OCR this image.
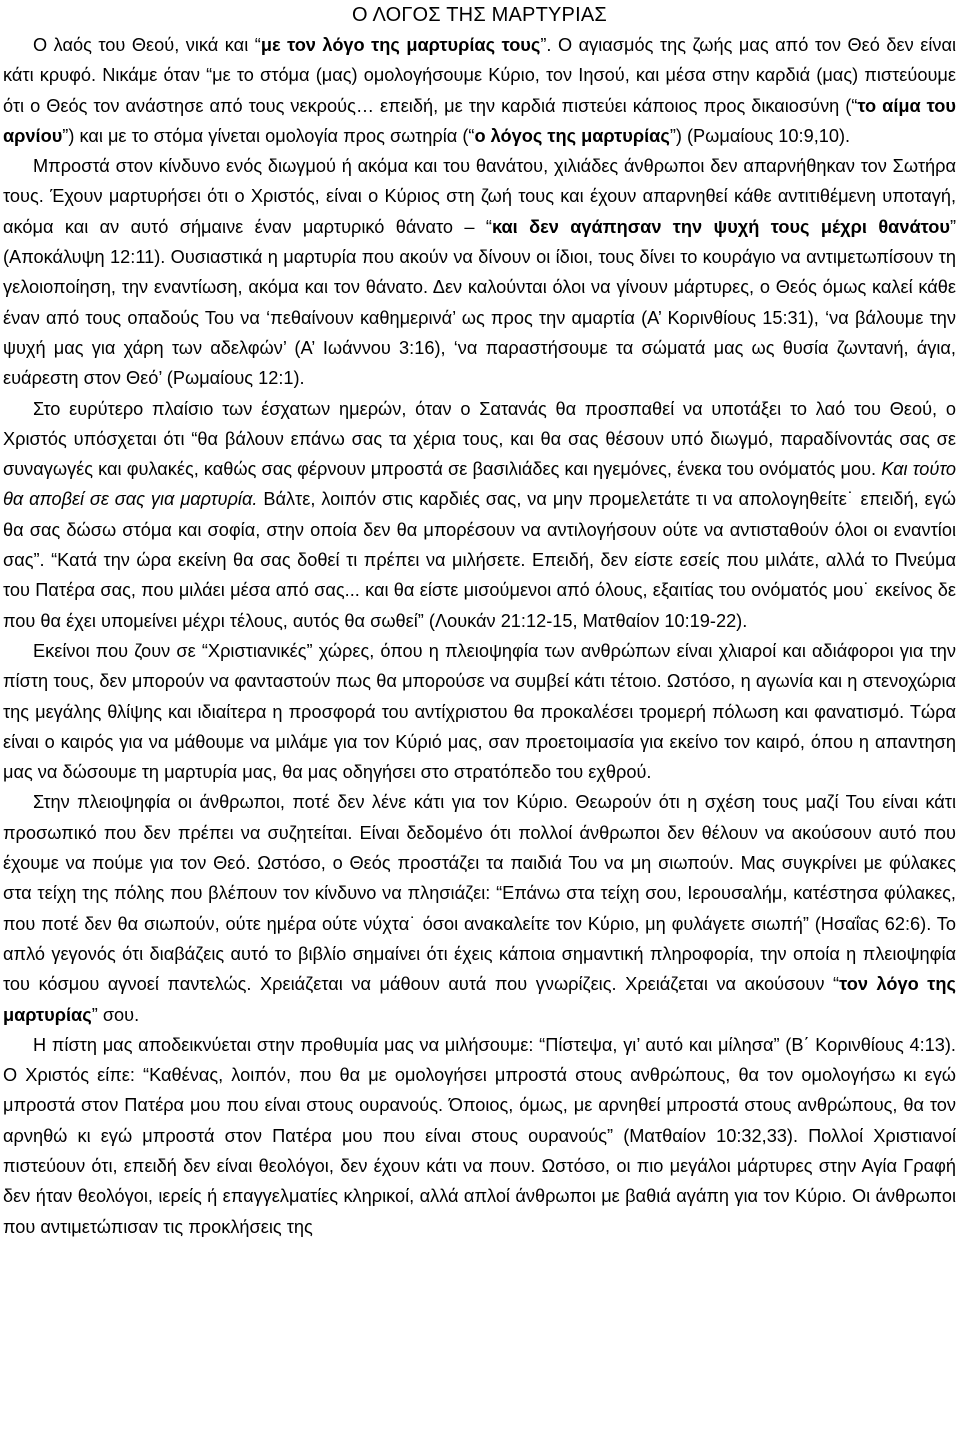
Ο ΛΟΓΟΣ ΤΗΣ ΜΑΡΤΥΡΙΑΣ

Ο λαός του Θεού, νικά και “με τον λόγο της μαρτυρίας τους”. Ο αγιασμός της ζωής μας από τον Θεό δεν είναι κάτι κρυφό. Νικάμε όταν “με το στόμα (μας) ομολογήσουμε Κύριο, τον Ιησού, και μέσα στην καρδιά (μας) πιστεύουμε ότι ο Θεός τον ανάστησε από τους νεκρούς… επειδή, με την καρδιά πιστεύει κάποιος προς δικαιοσύνη (“το αίμα του αρνίου”) και με το στόμα γίνεται ομολογία προς σωτηρία (“ο λόγος της μαρτυρίας”) (Ρωμαίους 10:9,10).

Μπροστά στον κίνδυνο ενός διωγμού ή ακόμα και του θανάτου, χιλιάδες άνθρωποι δεν απαρνήθηκαν τον Σωτήρα τους. Έχουν μαρτυρήσει ότι ο Χριστός, είναι ο Κύριος στη ζωή τους και έχουν απαρνηθεί κάθε αντιτιθέμενη υποταγή, ακόμα και αν αυτό σήμαινε έναν μαρτυρικό θάνατο – “και δεν αγάπησαν την ψυχή τους μέχρι θανάτου” (Αποκάλυψη 12:11). Ουσιαστικά η μαρτυρία που ακούν να δίνουν οι ίδιοι, τους δίνει το κουράγιο να αντιμετωπίσουν τη γελοιοποίηση, την εναντίωση, ακόμα και τον θάνατο. Δεν καλούνται όλοι να γίνουν μάρτυρες, ο Θεός όμως καλεί κάθε έναν από τους οπαδούς Του να ‘πεθαίνουν καθημερινά’ ως προς την αμαρτία (Α’ Κορινθίους 15:31), ‘να βάλουμε την ψυχή μας για χάρη των αδελφών’ (Α’ Ιωάννου 3:16), ‘να παραστήσουμε τα σώματά μας ως θυσία ζωντανή, άγια, ευάρεστη στον Θεό’ (Ρωμαίους 12:1).

Στο ευρύτερο πλαίσιο των έσχατων ημερών, όταν ο Σατανάς θα προσπαθεί να υποτάξει το λαό του Θεού, ο Χριστός υπόσχεται ότι “θα βάλουν επάνω σας τα χέρια τους, και θα σας θέσουν υπό διωγμό, παραδίνοντάς σας σε συναγωγές και φυλακές, καθώς σας φέρνουν μπροστά σε βασιλιάδες και ηγεμόνες, ένεκα του ονόματός μου. Και τούτο θα αποβεί σε σας για μαρτυρία. Βάλτε, λοιπόν στις καρδιές σας, να μην προμελετάτε τι να απολογηθείτε˙ επειδή, εγώ θα σας δώσω στόμα και σοφία, στην οποία δεν θα μπορέσουν να αντιλογήσουν ούτε να αντισταθούν όλοι οι εναντίοι σας”. “Κατά την ώρα εκείνη θα σας δοθεί τι πρέπει να μιλήσετε. Επειδή, δεν είστε εσείς που μιλάτε, αλλά το Πνεύμα του Πατέρα σας, που μιλάει μέσα από σας... και θα είστε μισούμενοι από όλους, εξαιτίας του ονόματός μου˙ εκείνος δε που θα έχει υπομείνει μέχρι τέλους, αυτός θα σωθεί” (Λουκάν 21:12-15, Ματθαίον 10:19-22).

Εκείνοι που ζουν σε “Χριστιανικές” χώρες, όπου η πλειοψηφία των ανθρώπων είναι χλιαροί και αδιάφοροι για την πίστη τους, δεν μπορούν να φανταστούν πως θα μπορούσε να συμβεί κάτι τέτοιο. Ωστόσο, η αγωνία και η στενοχώρια της μεγάλης θλίψης και ιδιαίτερα η προσφορά του αντίχριστου θα προκαλέσει τρομερή πόλωση και φανατισμό. Τώρα είναι ο καιρός για να μάθουμε να μιλάμε για τον Κύριό μας, σαν προετοιμασία για εκείνο τον καιρό, όπου η απαντηση μας να δώσουμε τη μαρτυρία μας, θα μας οδηγήσει στο στρατόπεδο του εχθρού.

Στην πλειοψηφία οι άνθρωποι, ποτέ δεν λένε κάτι για τον Κύριο. Θεωρούν ότι η σχέση τους μαζί Του είναι κάτι προσωπικό που δεν πρέπει να συζητείται. Είναι δεδομένο ότι πολλοί άνθρωποι δεν θέλουν να ακούσουν αυτό που έχουμε να πούμε για τον Θεό. Ωστόσο, ο Θεός προστάζει τα παιδιά Του να μη σιωπούν. Μας συγκρίνει με φύλακες στα τείχη της πόλης που βλέπουν τον κίνδυνο να πλησιάζει: “Επάνω στα τείχη σου, Ιερουσαλήμ, κατέστησα φύλακες, που ποτέ δεν θα σιωπούν, ούτε ημέρα ούτε νύχτα˙ όσοι ανακαλείτε τον Κύριο, μη φυλάγετε σιωπή” (Ησαΐας 62:6). Το απλό γεγονός ότι διαβάζεις αυτό το βιβλίο σημαίνει ότι έχεις κάποια σημαντική πληροφορία, την οποία η πλειοψηφία του κόσμου αγνοεί παντελώς. Χρειάζεται να μάθουν αυτά που γνωρίζεις. Χρειάζεται να ακούσουν “τον λόγο της μαρτυρίας” σου.

Η πίστη μας αποδεικνύεται στην προθυμία μας να μιλήσουμε: “Πίστεψα, γι’ αυτό και μίλησα” (Β΄ Κορινθίους 4:13). Ο Χριστός είπε: “Καθένας, λοιπόν, που θα με ομολογήσει μπροστά στους ανθρώπους, θα τον ομολογήσω κι εγώ μπροστά στον Πατέρα μου που είναι στους ουρανούς. Όποιος, όμως, με αρνηθεί μπροστά στους ανθρώπους, θα τον αρνηθώ κι εγώ μπροστά στον Πατέρα μου που είναι στους ουρανούς” (Ματθαίον 10:32,33). Πολλοί Χριστιανοί πιστεύουν ότι, επειδή δεν είναι θεολόγοι, δεν έχουν κάτι να πουν. Ωστόσο, οι πιο μεγάλοι μάρτυρες στην Αγία Γραφή δεν ήταν θεολόγοι, ιερείς ή επαγγελματίες κληρικοί, αλλά απλοί άνθρωποι με βαθιά αγάπη για τον Κύριο. Οι άνθρωποι που αντιμετώπισαν τις προκλήσεις της
